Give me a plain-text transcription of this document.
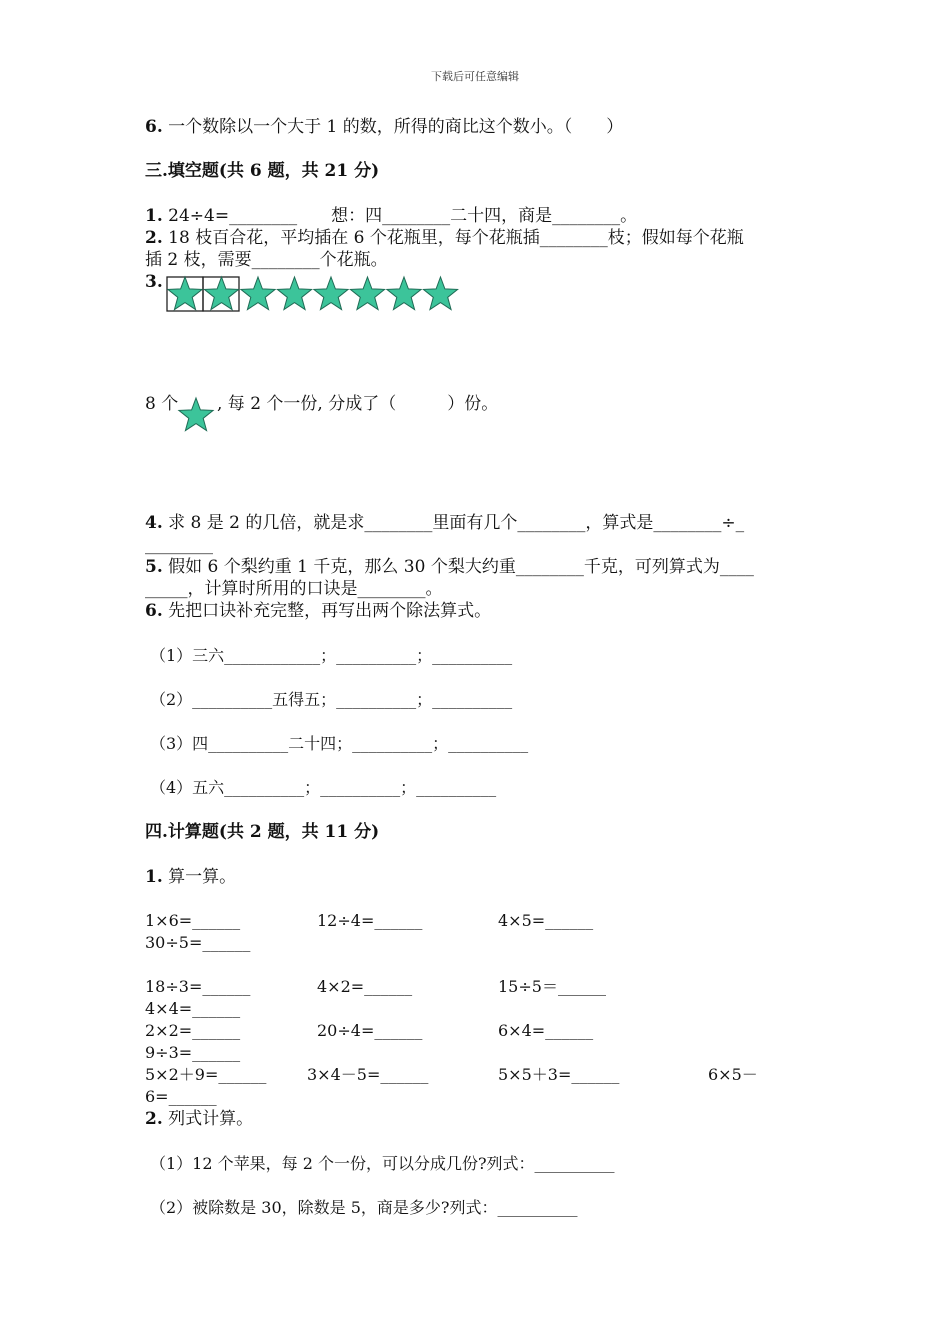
下载后可任意编辑
6. 一个数除以一个大于 1 的数，所得的商比这个数小。（　　）
三.填空题(共 6 题，共 21 分)
1. 24÷4=________　　想：四________二十四，商是________。
2. 18 枝百合花，平均插在 6 个花瓶里，每个花瓶插________枝；假如每个花瓶
插 2 枝，需要________个花瓶。
3.
8 个 , 每 2 个一份, 分成了（　　　）份。
4. 求 8 是 2 的几倍，就是求________里面有几个________，算式是________÷_
________
5. 假如 6 个梨约重 1 千克，那么 30 个梨大约重________千克，可列算式为____
_____，计算时所用的口诀是________。
6. 先把口诀补充完整，再写出两个除法算式。
（1）三六____________；__________；__________
（2）__________五得五；__________；__________
（3）四__________二十四；__________；__________
（4）五六__________；__________；__________
四.计算题(共 2 题，共 11 分)
1. 算一算。
1×6=______	12÷4=______	4×5=______
30÷5=______
18÷3=______	4×2=______	15÷5＝______
4×4=______
2×2=______	20÷4=______	6×4=______
9÷3=______
5×2＋9=______	3×4－5=______	5×5＋3=______	6×5－
6=______
2. 列式计算。
（1）12 个苹果，每 2 个一份，可以分成几份?列式：__________
（2）被除数是 30，除数是 5，商是多少?列式：__________
